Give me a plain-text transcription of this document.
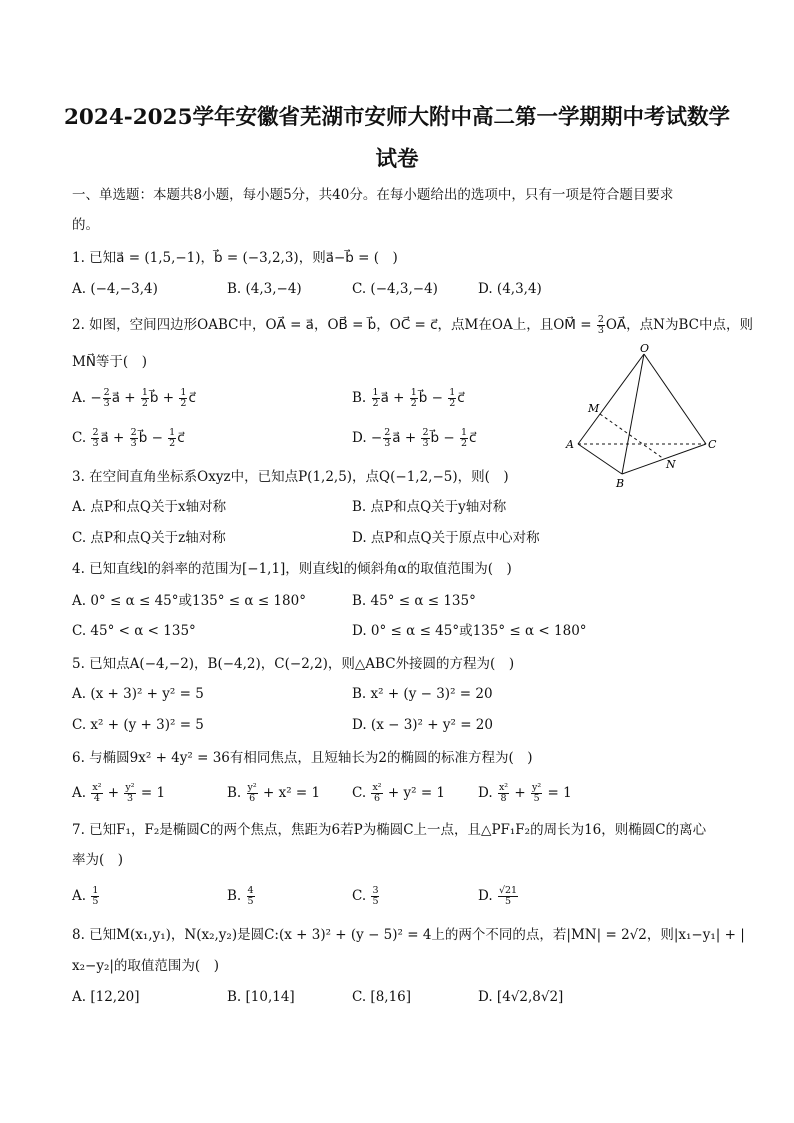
2024-2025学年安徽省芜湖市安师大附中高二第一学期期中考试数学
试卷
一、单选题：本题共8小题，每小题5分，共40分。在每小题给出的选项中，只有一项是符合题目要求
的。
1. 已知a⃗ = (1,5,−1)，b⃗ = (−3,2,3)，则a⃗−b⃗ = (　)
A. (−4,−3,4)	B. (4,3,−4)	C. (−4,3,−4)	D. (4,3,4)
2. 如图，空间四边形OABC中，OA⃗ = a⃗，OB⃗ = b⃗，OC⃗ = c⃗，点M在OA上，且OM⃗ = $\frac{2}{3}$ OA⃗，点N为BC中点，则
MN⃗等于(　)
A. − $\frac{2}{3}$ a⃗ + $\frac{1}{2}$ b⃗ + $\frac{1}{2}$ c⃗	B. $\frac{1}{2}$ a⃗ + $\frac{1}{2}$ b⃗ − $\frac{1}{2}$ c⃗
C. $\frac{2}{3}$ a⃗ + $\frac{2}{3}$ b⃗ − $\frac{1}{2}$ c⃗	D. − $\frac{2}{3}$ a⃗ + $\frac{2}{3}$ b⃗ − $\frac{1}{2}$ c⃗
O
M
A
B
C
N
3. 在空间直角坐标系Oxyz中，已知点P(1,2,5)，点Q(−1,2,−5)，则(　)
A. 点P和点Q关于x轴对称	B. 点P和点Q关于y轴对称
C. 点P和点Q关于z轴对称	D. 点P和点Q关于原点中心对称
4. 已知直线l的斜率的范围为[−1,1]，则直线l的倾斜角α的取值范围为(　)
A. 0° ≤ α ≤ 45°或135° ≤ α ≤ 180°	B. 45° ≤ α ≤ 135°
C. 45° < α < 135°	D. 0° ≤ α ≤ 45°或135° ≤ α < 180°
5. 已知点A(−4,−2)，B(−4,2)，C(−2,2)，则△ABC外接圆的方程为(　)
A. (x + 3)² + y² = 5	B. x² + (y − 3)² = 20
C. x² + (y + 3)² = 5	D. (x − 3)² + y² = 20
6. 与椭圆9x² + 4y² = 36有相同焦点，且短轴长为2的椭圆的标准方程为(　)
A. $\frac{\text{x²}}{4} + \frac{\text{y²}}{3} = 1$	B. $\frac{\text{y²}}{6} + x^2 = 1$ C. $\frac{\text{x²}}{6} + y^2 = 1$ D. $\frac{\text{x²}}{8} + \frac{\text{y²}}{5} = 1$
7. 已知F₁，F₂是椭圆C的两个焦点，焦距为6若P为椭圆C上一点，且△PF₁F₂的周长为16，则椭圆C的离心
率为(　)
A. $\frac{1}{5}$	B. $\frac{4}{5}$	C. $\frac{3}{5}$	D. $\frac{√21}{5}$
8. 已知M(x₁,y₁)，N(x₂,y₂)是圆C:(x + 3)² + (y − 5)² = 4上的两个不同的点，若|MN| = 2√2，则|x₁−y₁| + |
x₂−y₂|的取值范围为(　)
A. [12,20]	B. [10,14]	C. [8,16]	D. [4√2,8√2]
